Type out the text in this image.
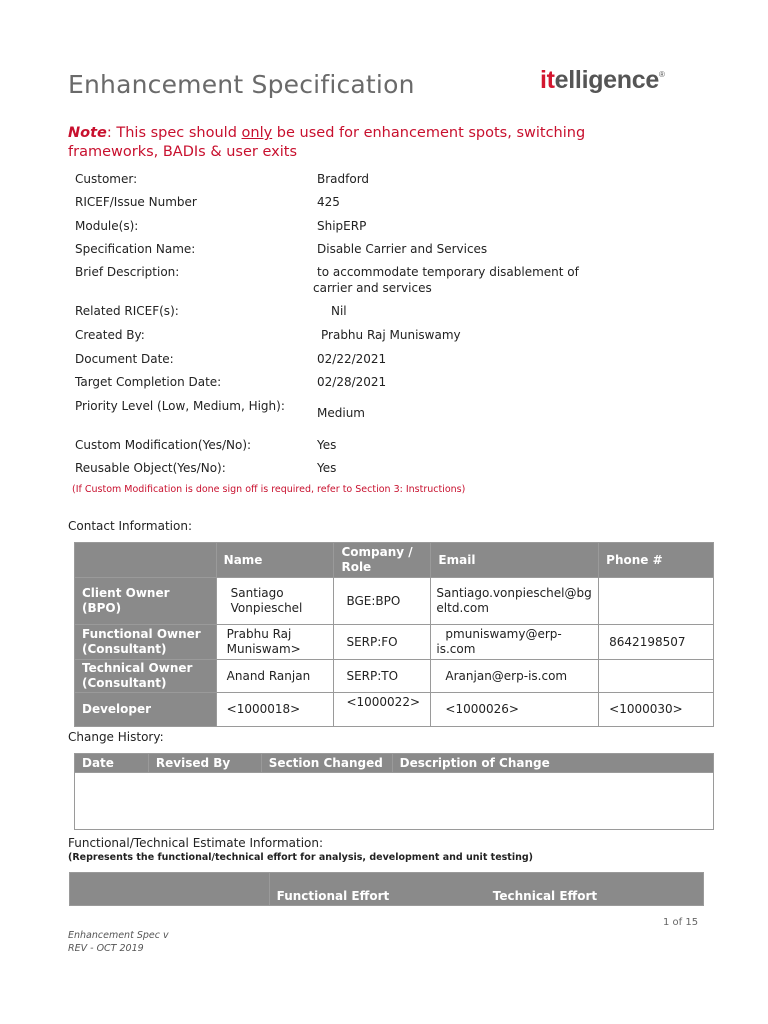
Enhancement Specification	itelligence®
Note: This spec should only be used for enhancement spots, switching frameworks, BADIs & user exits
Customer:	Bradford
RICEF/Issue Number	425
Module(s):	ShipERP
Specification Name:	Disable Carrier and Services
Brief Description:	to accommodate temporary disablement of carrier and services
Related RICEF(s):	Nil
Created By:	Prabhu Raj Muniswamy
Document Date:	02/22/2021
Target Completion Date:	02/28/2021
Priority Level (Low, Medium, High):	Medium
Custom Modification(Yes/No):	Yes
Reusable Object(Yes/No):	Yes
(If Custom Modification is done sign off is required, refer to Section 3: Instructions)
Contact Information:
	Name	Company / Role	Email	Phone #
Client Owner (BPO)	Santiago Vonpieschel	BGE:BPO	Santiago.vonpieschel@bgeltd.com	
Functional Owner (Consultant)	Prabhu Raj Muniswam>	SERP:FO	pmuniswamy@erp-is.com	8642198507
Technical Owner (Consultant)	Anand Ranjan	SERP:TO	Aranjan@erp-is.com	
Developer	<1000018>	<1000022>	<1000026>	<1000030>
Change History:
Date	Revised By	Section Changed	Description of Change

Functional/Technical Estimate Information:
(Represents the functional/technical effort for analysis, development and unit testing)
	Functional Effort	Technical Effort
1 of 15
Enhancement Spec v
REV - OCT 2019
